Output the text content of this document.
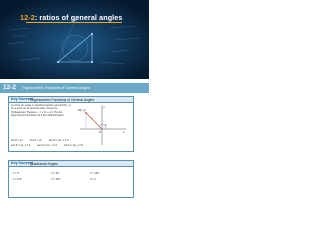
12-2: ratios of general angles
12-2 Trigonometric Functions of General Angles
Key Concept
Trigonometric Functions of General Angles
Let θ be an angle in standard position and let P(x, y) be a point on its terminal side. Using the Pythagorean Theorem, r = √(x² + y²). The six trigonometric functions of θ are defined below.
sin θ = y/r	cos θ = x/r	tan θ = y/x, x ≠ 0
csc θ = r/y, y ≠ 0	sec θ = r/x, x ≠ 0	cot θ = x/y, y ≠ 0
y
x
P(x, y)
r
θ
O
Key Concept
Quadrantal Angles
θ = 0°	θ = 90°	θ = 180°
θ = 270°	θ = 360°	θ = 0
